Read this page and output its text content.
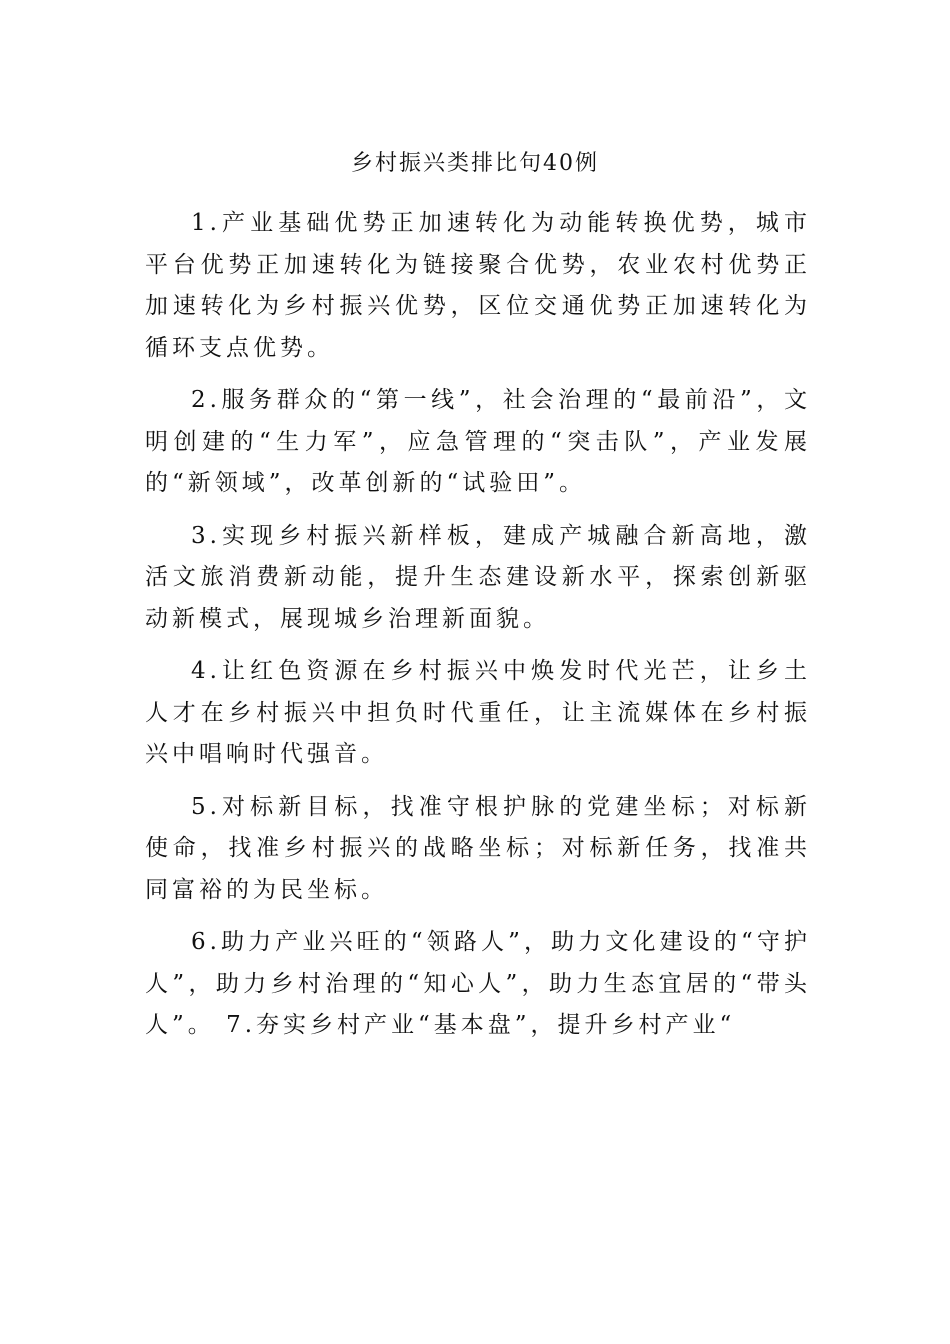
乡村振兴类排比句40例

1.产业基础优势正加速转化为动能转换优势，城市平台优势正加速转化为链接聚合优势，农业农村优势正加速转化为乡村振兴优势，区位交通优势正加速转化为循环支点优势。

2.服务群众的“第一线”，社会治理的“最前沿”，文明创建的“生力军”，应急管理的“突击队”，产业发展的“新领域”，改革创新的“试验田”。

3.实现乡村振兴新样板，建成产城融合新高地，激活文旅消费新动能，提升生态建设新水平，探索创新驱动新模式，展现城乡治理新面貌。

4.让红色资源在乡村振兴中焕发时代光芒，让乡土人才在乡村振兴中担负时代重任，让主流媒体在乡村振兴中唱响时代强音。

5.对标新目标，找准守根护脉的党建坐标；对标新使命，找准乡村振兴的战略坐标；对标新任务，找准共同富裕的为民坐标。

6.助力产业兴旺的“领路人”，助力文化建设的“守护人”，助力乡村治理的“知心人”，助力生态宜居的“带头人”。 7.夯实乡村产业“基本盘”，提升乡村产业“
